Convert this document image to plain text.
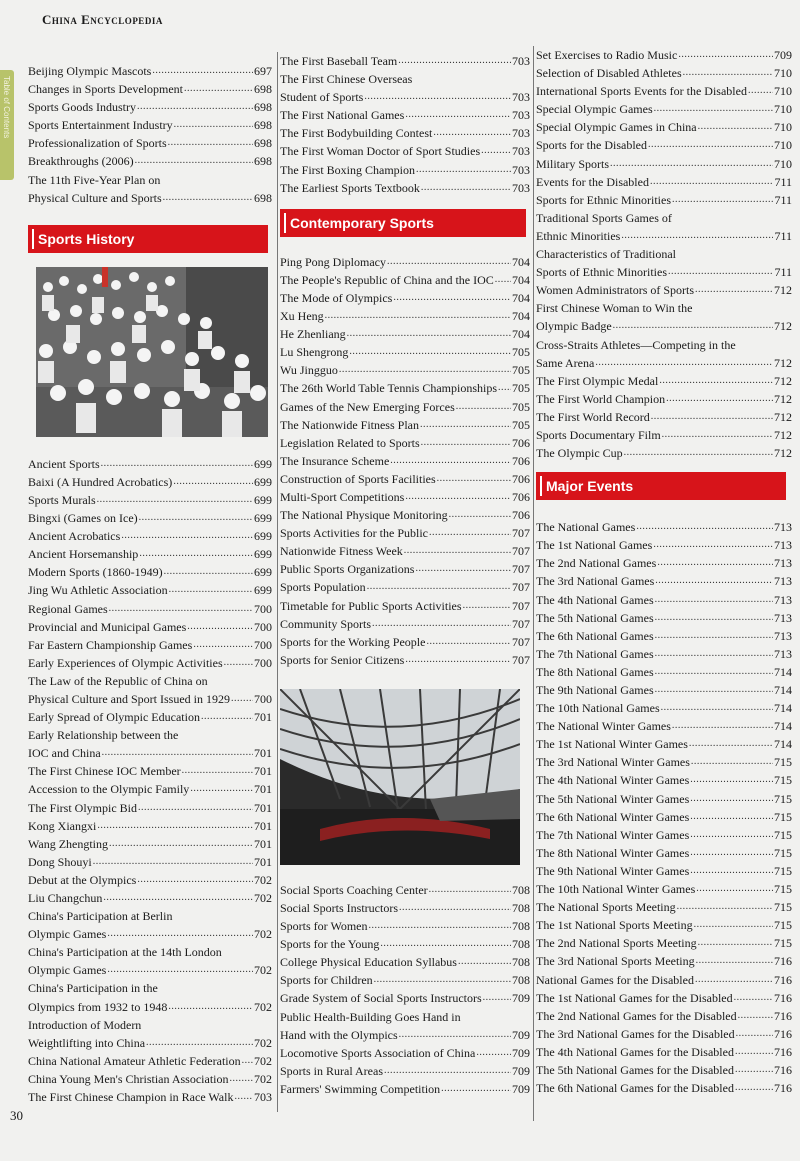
China Encyclopedia
Table of Contents
Beijing Olympic Mascots .....	697
Changes in Sports Development .....	698
Sports Goods Industry .....	698
Sports Entertainment Industry .....	698
Professionalization of Sports .....	698
Breakthroughs (2006) .....	698
The 11th Five-Year Plan on
Physical Culture and Sports .....	698
Sports History
Ancient Sports .....	699
Baixi (A Hundred Acrobatics) .....	699
Sports Murals .....	699
Bingxi (Games on Ice) .....	699
Ancient Acrobatics .....	699
Ancient Horsemanship .....	699
Modern Sports (1860-1949) .....	699
Jing Wu Athletic Association .....	699
Regional Games .....	700
Provincial and Municipal Games .....	700
Far Eastern Championship Games .....	700
Early Experiences of Olympic Activities .....	700
The Law of the Republic of China on
Physical Culture and Sport Issued in 1929 ..... 700
Early Spread of Olympic Education .....	701
Early Relationship between the
IOC and China .....	701
The First Chinese IOC Member .....	701
Accession to the Olympic Family .....	701
The First Olympic Bid .....	701
Kong Xiangxi .....	701
Wang Zhengting .....	701
Dong Shouyi .....	701
Debut at the Olympics .....	702
Liu Changchun .....	702
China's Participation at Berlin
Olympic Games .....	702
China's Participation at the 14th London
Olympic Games .....	702
China's Participation in the
Olympics from 1932 to 1948 .....	702
Introduction of Modern
Weightlifting into China .....	702
China National Amateur Athletic Federation ..... 702
China Young Men's Christian Association ..... 702
The First Chinese Champion in Race Walk ..... 703
The First Baseball Team .....	703
The First Chinese Overseas
Student of Sports .....	703
The First National Games .....	703
The First Bodybuilding Contest .....	703
The First Woman Doctor of Sport Studies .....	703
The First Boxing Champion .....	703
The Earliest Sports Textbook .....	703
Contemporary Sports
Ping Pong Diplomacy .....	704
The People's Republic of China and the IOC ..... 704
The Mode of Olympics .....	704
Xu Heng .....	704
He Zhenliang .....	704
Lu Shengrong .....	705
Wu Jingguo .....	705
The 26th World Table Tennis Championships ..... 705
Games of the New Emerging Forces .....	705
The Nationwide Fitness Plan .....	705
Legislation Related to Sports .....	706
The Insurance Scheme .....	706
Construction of Sports Facilities .....	706
Multi-Sport Competitions .....	706
The National Physique Monitoring .....	706
Sports Activities for the Public .....	707
Nationwide Fitness Week .....	707
Public Sports Organizations .....	707
Sports Population .....	707
Timetable for Public Sports Activities .....	707
Community Sports .....	707
Sports for the Working People .....	707
Sports for Senior Citizens .....	707
Social Sports Coaching Center .....	708
Social Sports Instructors .....	708
Sports for Women .....	708
Sports for the Young .....	708
College Physical Education Syllabus .....	708
Sports for Children .....	708
Grade System of Social Sports Instructors .....	709
Public Health-Building Goes Hand in
Hand with the Olympics .....	709
Locomotive Sports Association of China .....	709
Sports in Rural Areas .....	709
Farmers' Swimming Competition .....	709
Set Exercises to Radio Music .....	709
Selection of Disabled Athletes .....	710
International Sports Events for the Disabled ..... 710
Special Olympic Games .....	710
Special Olympic Games in China .....	710
Sports for the Disabled .....	710
Military Sports .....	710
Events for the Disabled .....	711
Sports for Ethnic Minorities .....	711
Traditional Sports Games of
Ethnic Minorities .....	711
Characteristics of Traditional
Sports of Ethnic Minorities .....	711
Women Administrators of Sports .....	712
First Chinese Woman to Win the
Olympic Badge .....	712
Cross-Straits Athletes—Competing in the
Same Arena .....	712
The First Olympic Medal .....	712
The First World Champion .....	712
The First World Record .....	712
Sports Documentary Film .....	712
The Olympic Cup .....	712
Major Events
The National Games .....	713
The 1st National Games .....	713
The 2nd National Games .....	713
The 3rd National Games .....	713
The 4th National Games .....	713
The 5th National Games .....	713
The 6th National Games .....	713
The 7th National Games .....	713
The 8th National Games .....	714
The 9th National Games .....	714
The 10th National Games .....	714
The National Winter Games .....	714
The 1st National Winter Games .....	714
The 3rd National Winter Games .....	715
The 4th National Winter Games .....	715
The 5th National Winter Games .....	715
The 6th National Winter Games .....	715
The 7th National Winter Games .....	715
The 8th National Winter Games .....	715
The 9th National Winter Games .....	715
The 10th National Winter Games .....	715
The National Sports Meeting .....	715
The 1st National Sports Meeting .....	715
The 2nd National Sports Meeting .....	715
The 3rd National Sports Meeting .....	716
National Games for the Disabled .....	716
The 1st National Games for the Disabled .....	716
The 2nd National Games for the Disabled .....	716
The 3rd National Games for the Disabled .....	716
The 4th National Games for the Disabled .....	716
The 5th National Games for the Disabled .....	716
The 6th National Games for the Disabled .....	716
30
